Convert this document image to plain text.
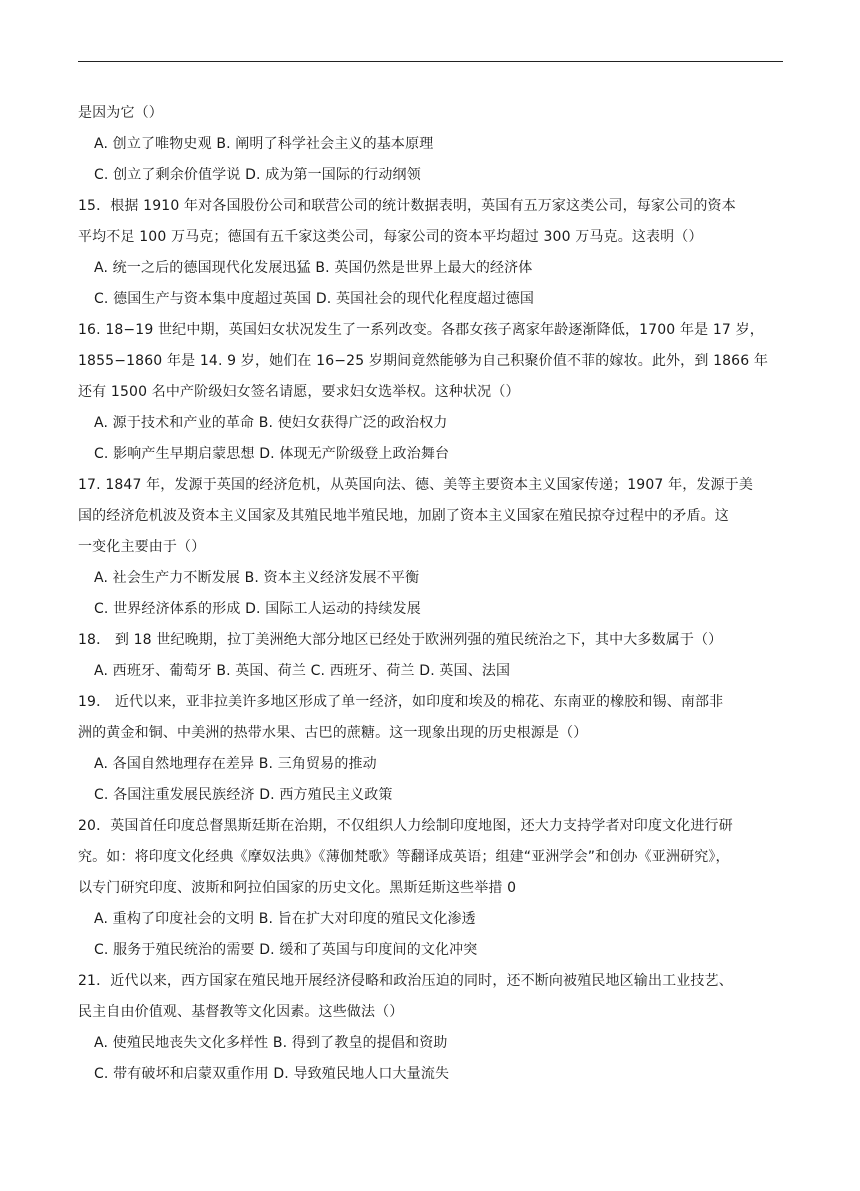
是因为它（）
A. 创立了唯物史观 B. 阐明了科学社会主义的基本原理
C. 创立了剩余价值学说 D. 成为第一国际的行动纲领
15．根据 1910 年对各国股份公司和联营公司的统计数据表明，英国有五万家这类公司，每家公司的资本
平均不足 100 万马克；德国有五千家这类公司，每家公司的资本平均超过 300 万马克。这表明（）
A. 统一之后的德国现代化发展迅猛 B. 英国仍然是世界上最大的经济体
C. 德国生产与资本集中度超过英国 D. 英国社会的现代化程度超过德国
16. 18−19 世纪中期，英国妇女状况发生了一系列改变。各郡女孩子离家年龄逐渐降低，1700 年是 17 岁，
1855−1860 年是 14. 9 岁，她们在 16−25 岁期间竟然能够为自己积聚价值不菲的嫁妆。此外，到 1866 年
还有 1500 名中产阶级妇女签名请愿，要求妇女选举权。这种状况（）
A. 源于技术和产业的革命 B. 使妇女获得广泛的政治权力
C. 影响产生早期启蒙思想 D. 体现无产阶级登上政治舞台
17. 1847 年，发源于英国的经济危机，从英国向法、德、美等主要资本主义国家传递；1907 年，发源于美
国的经济危机波及资本主义国家及其殖民地半殖民地，加剧了资本主义国家在殖民掠夺过程中的矛盾。这
一变化主要由于（）
A. 社会生产力不断发展 B. 资本主义经济发展不平衡
C. 世界经济体系的形成 D. 国际工人运动的持续发展
18． 到 18 世纪晚期，拉丁美洲绝大部分地区已经处于欧洲列强的殖民统治之下，其中大多数属于（）
A. 西班牙、葡萄牙 B. 英国、荷兰 C. 西班牙、荷兰 D. 英国、法国
19． 近代以来，亚非拉美许多地区形成了单一经济，如印度和埃及的棉花、东南亚的橡胶和锡、南部非
洲的黄金和铜、中美洲的热带水果、古巴的蔗糖。这一现象出现的历史根源是（）
A. 各国自然地理存在差异 B. 三角贸易的推动
C. 各国注重发展民族经济 D. 西方殖民主义政策
20．英国首任印度总督黑斯廷斯在治期，不仅组织人力绘制印度地图，还大力支持学者对印度文化进行研
究。如：将印度文化经典《摩奴法典》《薄伽梵歌》等翻译成英语；组建“亚洲学会”和创办《亚洲研究》，
以专门研究印度、波斯和阿拉伯国家的历史文化。黑斯廷斯这些举措 0
A. 重构了印度社会的文明 B. 旨在扩大对印度的殖民文化渗透
C. 服务于殖民统治的需要 D. 缓和了英国与印度间的文化冲突
21．近代以来，西方国家在殖民地开展经济侵略和政治压迫的同时，还不断向被殖民地区输出工业技艺、
民主自由价值观、基督教等文化因素。这些做法（）
A. 使殖民地丧失文化多样性 B. 得到了教皇的提倡和资助
C. 带有破坏和启蒙双重作用 D. 导致殖民地人口大量流失
